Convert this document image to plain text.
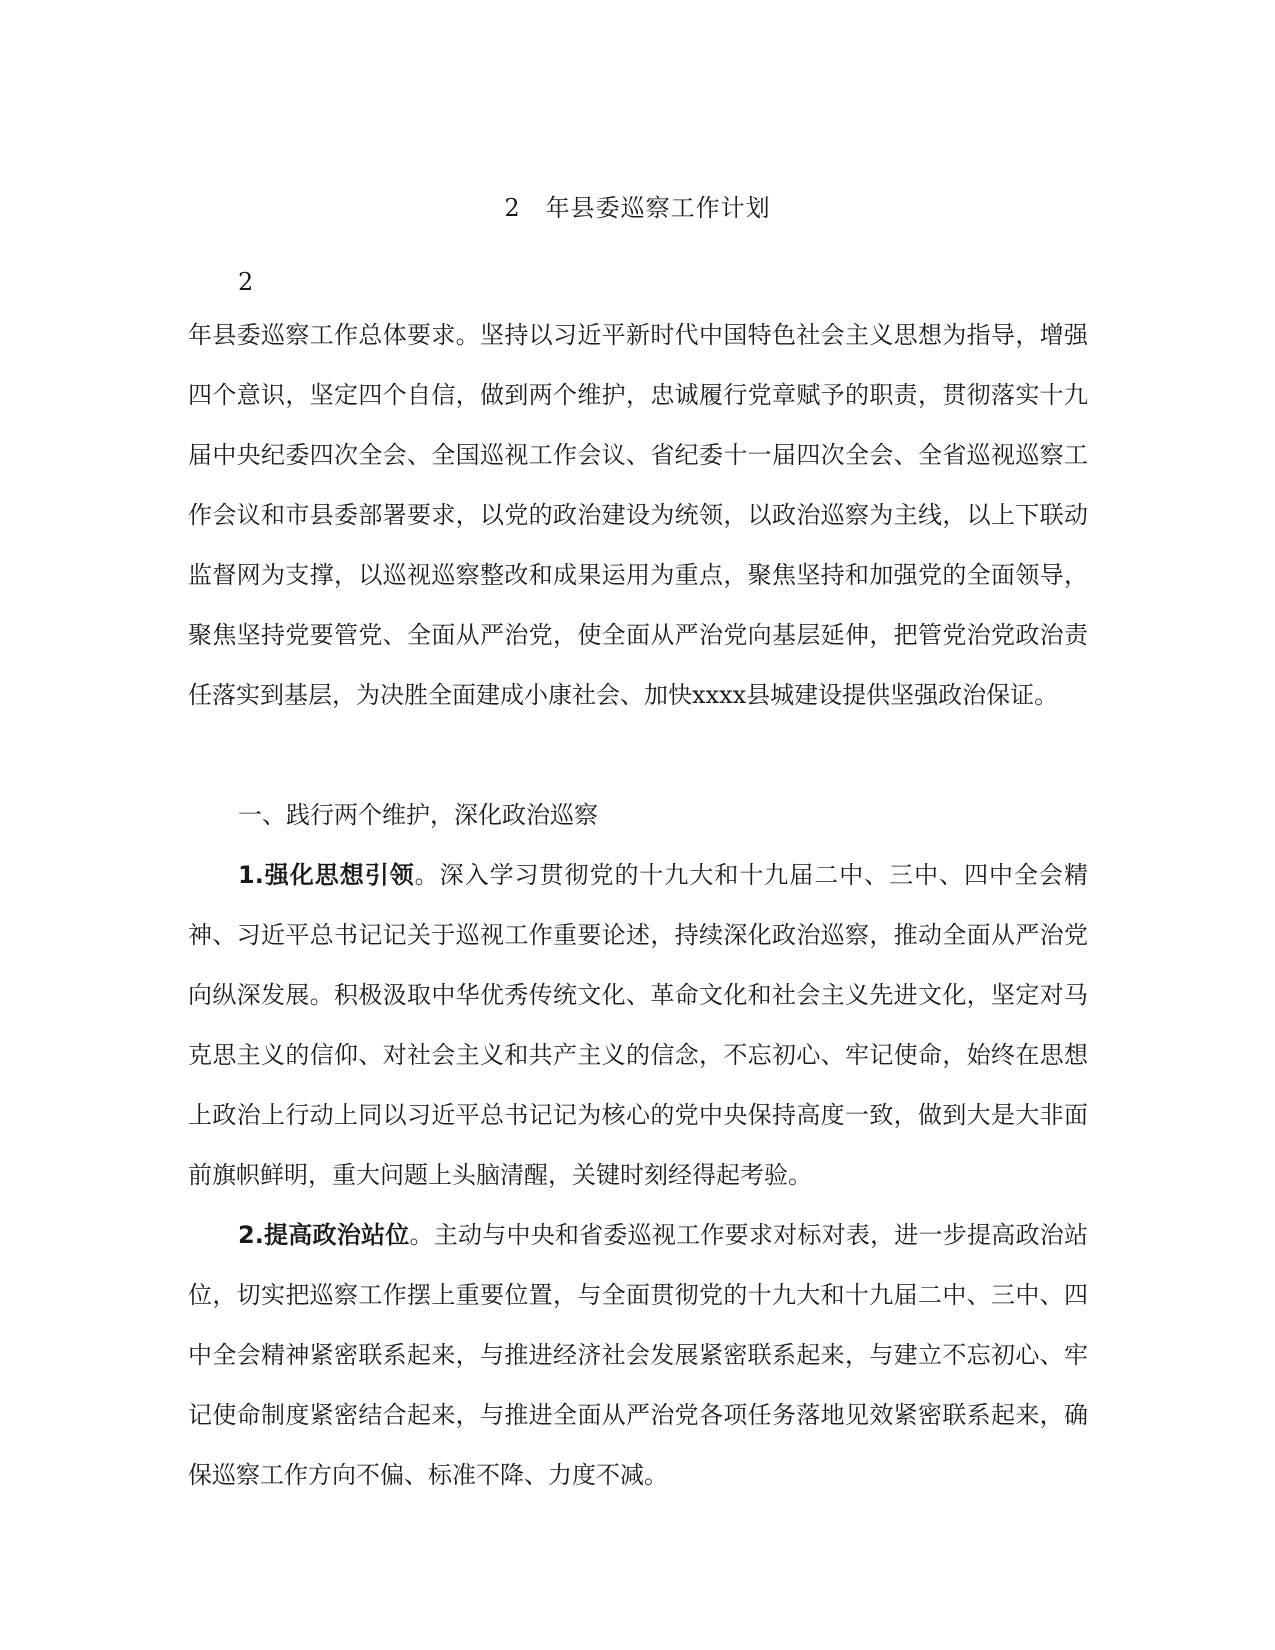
2　年县委巡察工作计划
2
年县委巡察工作总体要求。坚持以习近平新时代中国特色社会主义思想为指导，增强四个意识，坚定四个自信，做到两个维护，忠诚履行党章赋予的职责，贯彻落实十九届中央纪委四次全会、全国巡视工作会议、省纪委十一届四次全会、全省巡视巡察工作会议和市县委部署要求，以党的政治建设为统领，以政治巡察为主线，以上下联动监督网为支撑，以巡视巡察整改和成果运用为重点，聚焦坚持和加强党的全面领导，聚焦坚持党要管党、全面从严治党，使全面从严治党向基层延伸，把管党治党政治责任落实到基层，为决胜全面建成小康社会、加快xxxx县城建设提供坚强政治保证。
一、践行两个维护，深化政治巡察
1.强化思想引领。深入学习贯彻党的十九大和十九届二中、三中、四中全会精神、习近平总书记记关于巡视工作重要论述，持续深化政治巡察，推动全面从严治党向纵深发展。积极汲取中华优秀传统文化、革命文化和社会主义先进文化，坚定对马克思主义的信仰、对社会主义和共产主义的信念，不忘初心、牢记使命，始终在思想上政治上行动上同以习近平总书记记为核心的党中央保持高度一致，做到大是大非面前旗帜鲜明，重大问题上头脑清醒，关键时刻经得起考验。
2.提高政治站位。主动与中央和省委巡视工作要求对标对表，进一步提高政治站位，切实把巡察工作摆上重要位置，与全面贯彻党的十九大和十九届二中、三中、四中全会精神紧密联系起来，与推进经济社会发展紧密联系起来，与建立不忘初心、牢记使命制度紧密结合起来，与推进全面从严治党各项任务落地见效紧密联系起来，确保巡察工作方向不偏、标准不降、力度不减。
